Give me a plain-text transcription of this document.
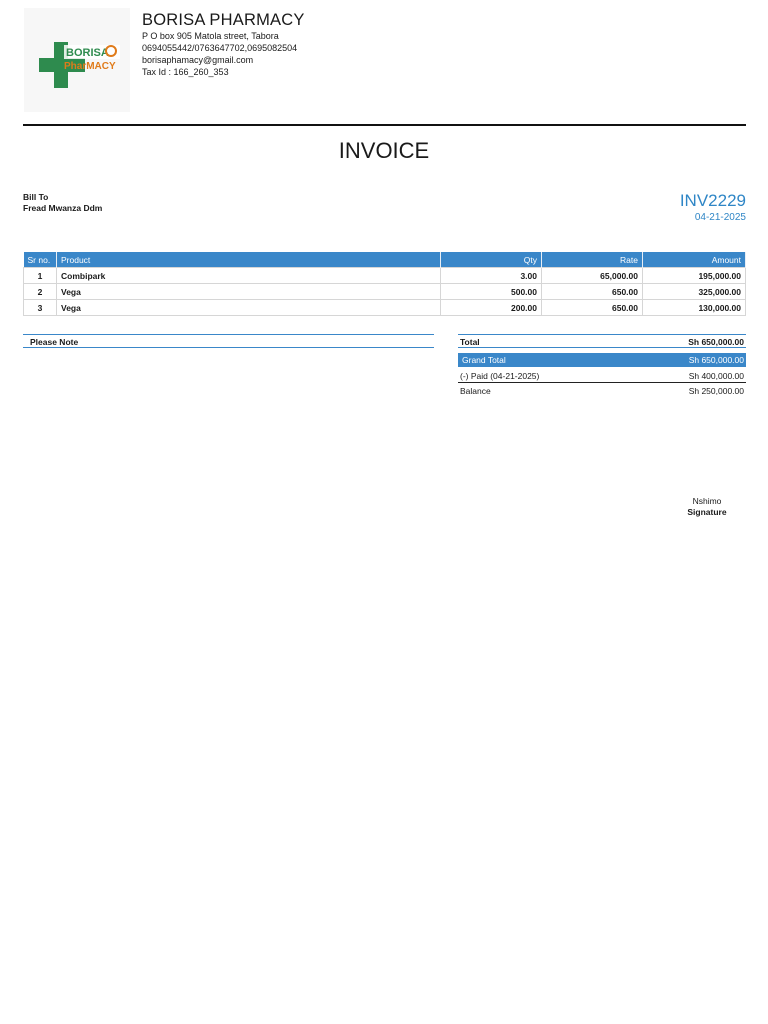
BORISA
PharMACY
BORISA PHARMACY
P O box 905 Matola street, Tabora
0694055442/0763647702,0695082504
borisaphamacy@gmail.com
Tax Id : 166_260_353
INVOICE
Bill To
Fread Mwanza Ddm	INV2229
04-21-2025
Sr no.	Product	Qty	Rate	Amount
1	Combipark	3.00	65,000.00	195,000.00
2	Vega	500.00	650.00	325,000.00
3	Vega	200.00	650.00	130,000.00
Please Note	Total	Sh 650,000.00
Grand Total	Sh 650,000.00
(-) Paid (04-21-2025)	Sh 400,000.00
Balance	Sh 250,000.00
Nshimo
Signature
